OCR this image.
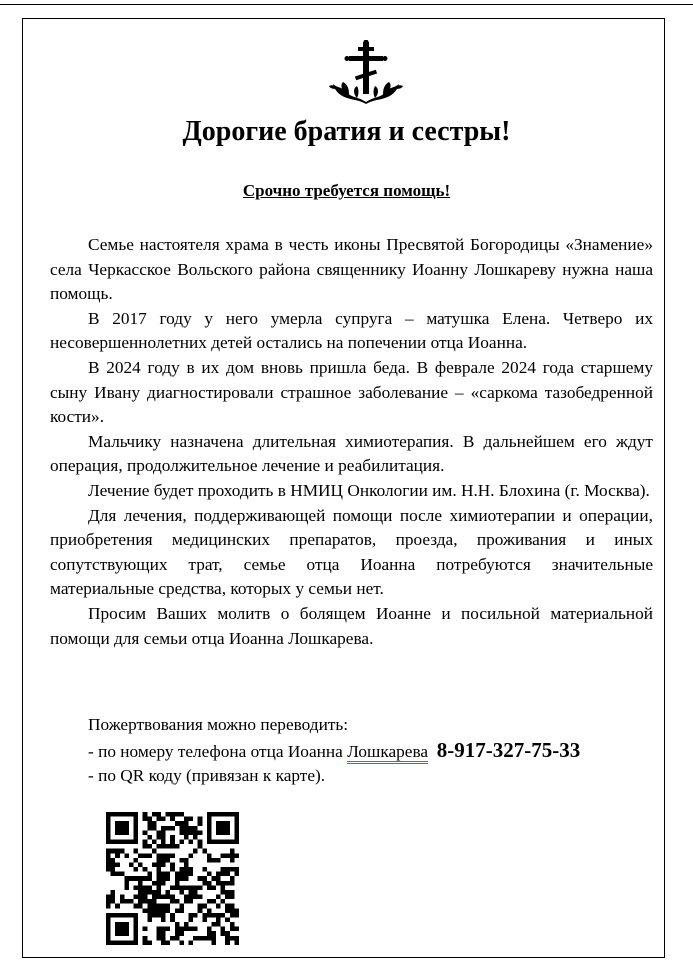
Дорогие братия и сестры!
Срочно требуется помощь!

Семье настоятеля храма в честь иконы Пресвятой Богородицы «Знамение» села Черкасское Вольского района священнику Иоанну Лошкареву нужна наша помощь.

В 2017 году у него умерла супруга – матушка Елена. Четверо их несовершеннолетних детей остались на попечении отца Иоанна.

В 2024 году в их дом вновь пришла беда. В феврале 2024 года старшему сыну Ивану диагностировали страшное заболевание – «саркома тазобедренной кости».

Мальчику назначена длительная химиотерапия. В дальнейшем его ждут операция, продолжительное лечение и реабилитация.

Лечение будет проходить в НМИЦ Онкологии им. Н.Н. Блохина (г. Москва).

Для лечения, поддерживающей помощи после химиотерапии и операции, приобретения медицинских препаратов, проезда, проживания и иных сопутствующих трат, семье отца Иоанна потребуются значительные материальные средства, которых у семьи нет.

Просим Ваших молитв о болящем Иоанне и посильной материальной помощи для семьи отца Иоанна Лошкарева.

Пожертвования можно переводить:
- по номеру телефона отца Иоанна Лошкарева 8-917-327-75-33
- по QR коду (привязан к карте).
